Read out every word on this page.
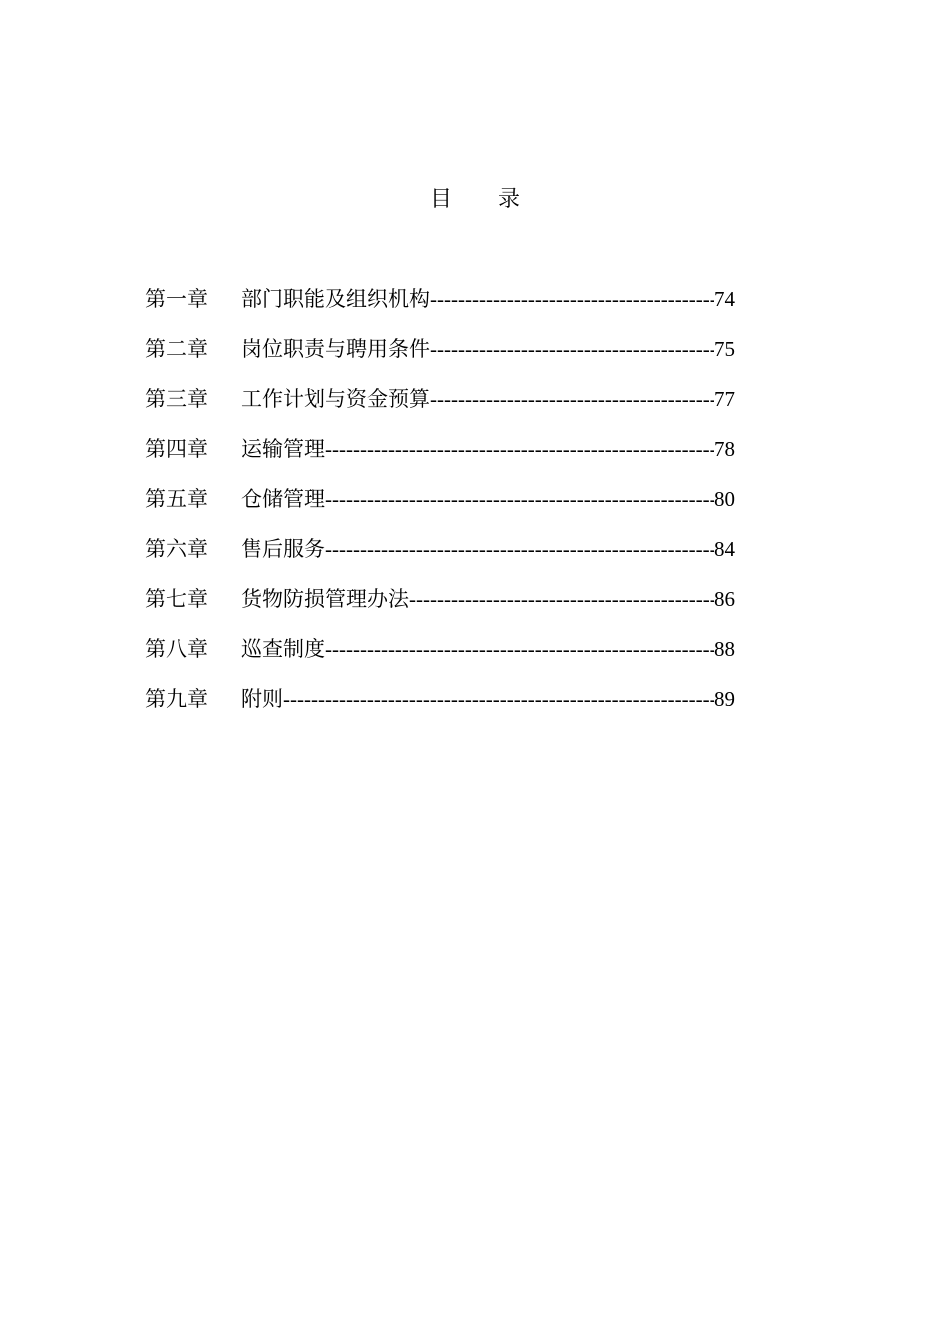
目 录
第一章	部门职能及组织机构 -----	74
第二章	岗位职责与聘用条件 -----	75
第三章	工作计划与资金预算 -----	77
第四章	运输管理 -----	78
第五章	仓储管理 -----	80
第六章	售后服务 -----	84
第七章	货物防损管理办法 -----	86
第八章	巡查制度 -----	88
第九章	附则 -----	89
